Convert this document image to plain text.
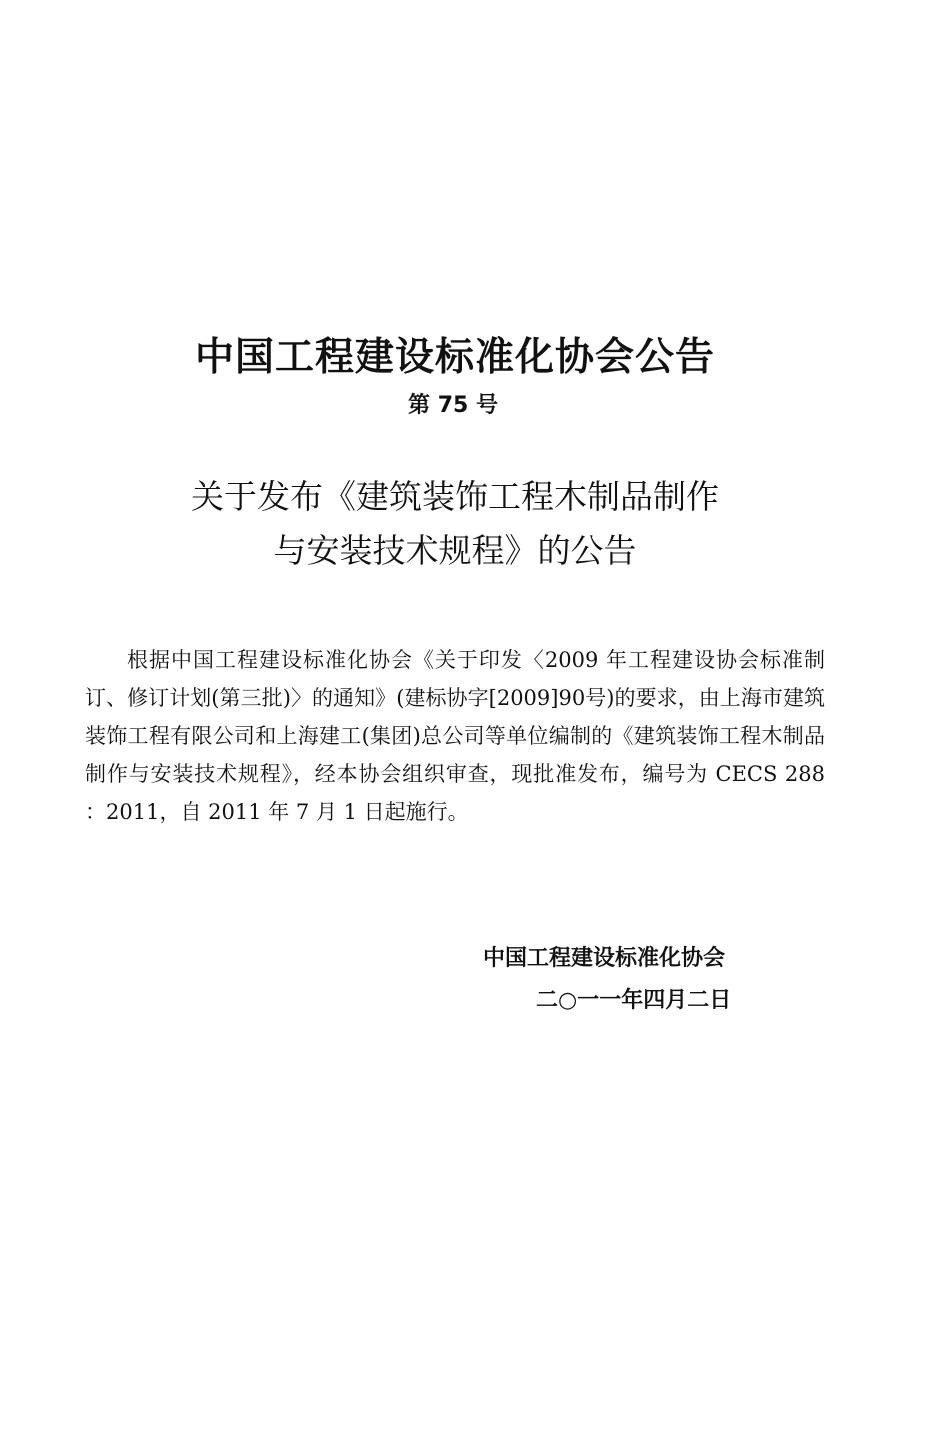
中国工程建设标准化协会公告
第 75 号
关于发布《建筑装饰工程木制品制作
与安装技术规程》的公告

根据中国工程建设标准化协会《关于印发〈2009 年工程建设协会标准制订、修订计划(第三批)〉的通知》(建标协字[2009]90号)的要求，由上海市建筑装饰工程有限公司和上海建工(集团)总公司等单位编制的《建筑装饰工程木制品制作与安装技术规程》，经本协会组织审查，现批准发布，编号为 CECS 288 ：2011，自 2011 年 7 月 1 日起施行。

中国工程建设标准化协会
二○一一年四月二日
